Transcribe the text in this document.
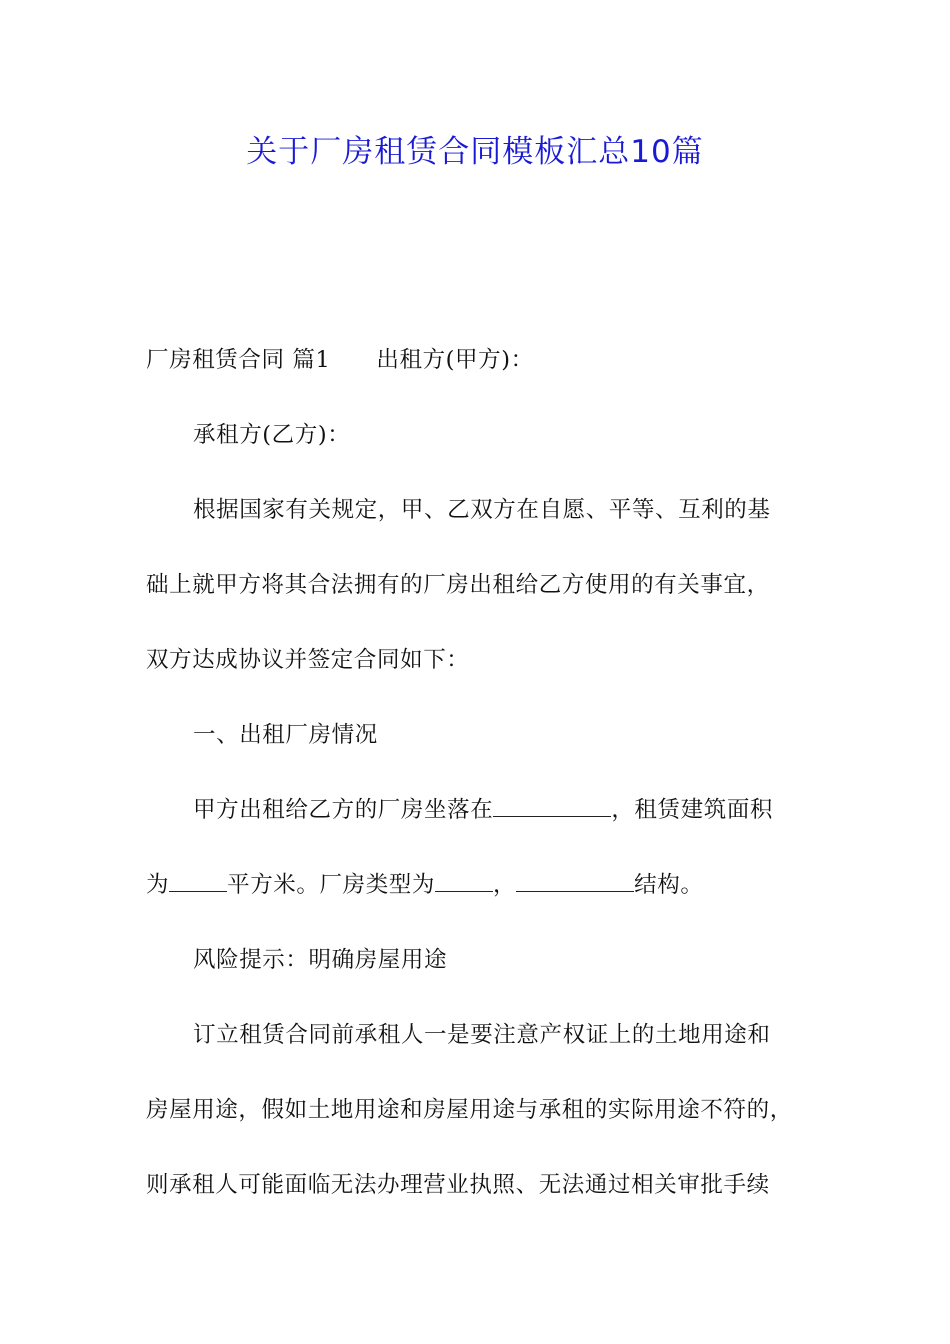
关于厂房租赁合同模板汇总10篇
厂房租赁合同 篇1 出租方(甲方)：
承租方(乙方)：
根据国家有关规定，甲、乙双方在自愿、平等、互利的基
础上就甲方将其合法拥有的厂房出租给乙方使用的有关事宜，
双方达成协议并签定合同如下：
一、出租厂房情况
甲方出租给乙方的厂房坐落在	，租赁建筑面积
为	平方米。厂房类型为	，	结构。
风险提示：明确房屋用途
订立租赁合同前承租人一是要注意产权证上的土地用途和
房屋用途，假如土地用途和房屋用途与承租的实际用途不符的，
则承租人可能面临无法办理营业执照、无法通过相关审批手续
